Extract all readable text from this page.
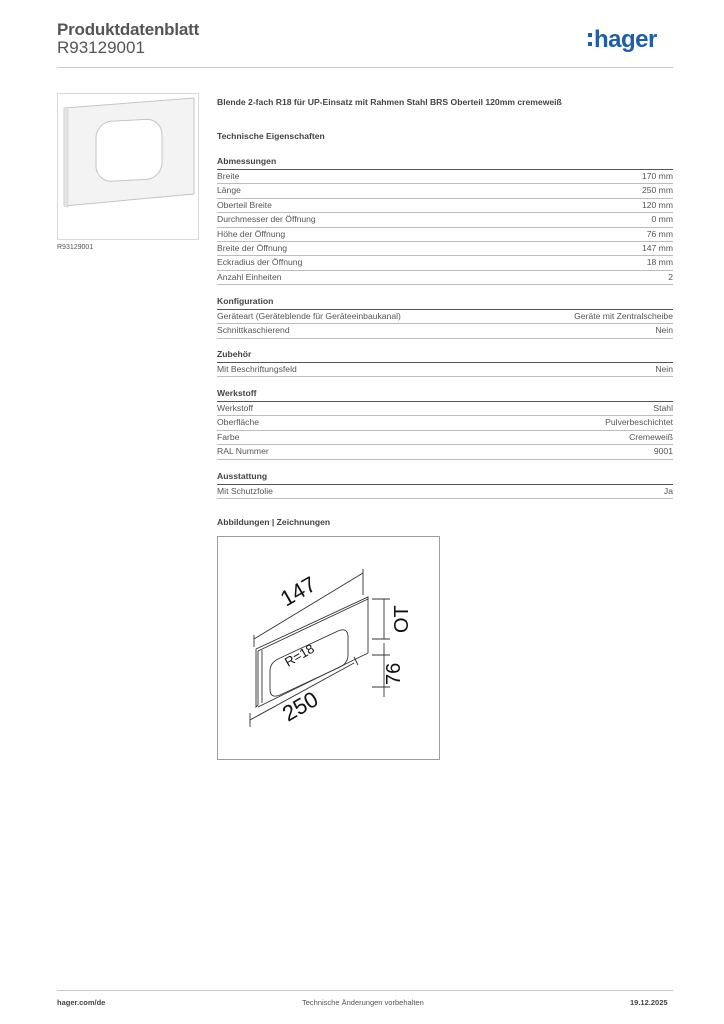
Produktdatenblatt
R93129001	hager
R93129001
Blende 2-fach R18 für UP-Einsatz mit Rahmen Stahl BRS Oberteil 120mm cremeweiß
Technische Eigenschaften
Abmessungen
Breite	170 mm
Länge	250 mm
Oberteil Breite	120 mm
Durchmesser der Öffnung	0 mm
Höhe der Öffnung	76 mm
Breite der Öffnung	147 mm
Eckradius der Öffnung	18 mm
Anzahl Einheiten	2
Konfiguration
Geräteart (Geräteblende für Geräteeinbaukanal)	Geräte mit Zentralscheibe
Schnittkaschierend	Nein
Zubehör
Mit Beschriftungsfeld	Nein
Werkstoff
Werkstoff	Stahl
Oberfläche	Pulverbeschichtet
Farbe	Cremeweiß
RAL Nummer	9001
Ausstattung
Mit Schutzfolie	Ja
Abbildungen | Zeichnungen
147
250
R=18
OT
76
hager.com/de	Technische Änderungen vorbehalten	19.12.2025
